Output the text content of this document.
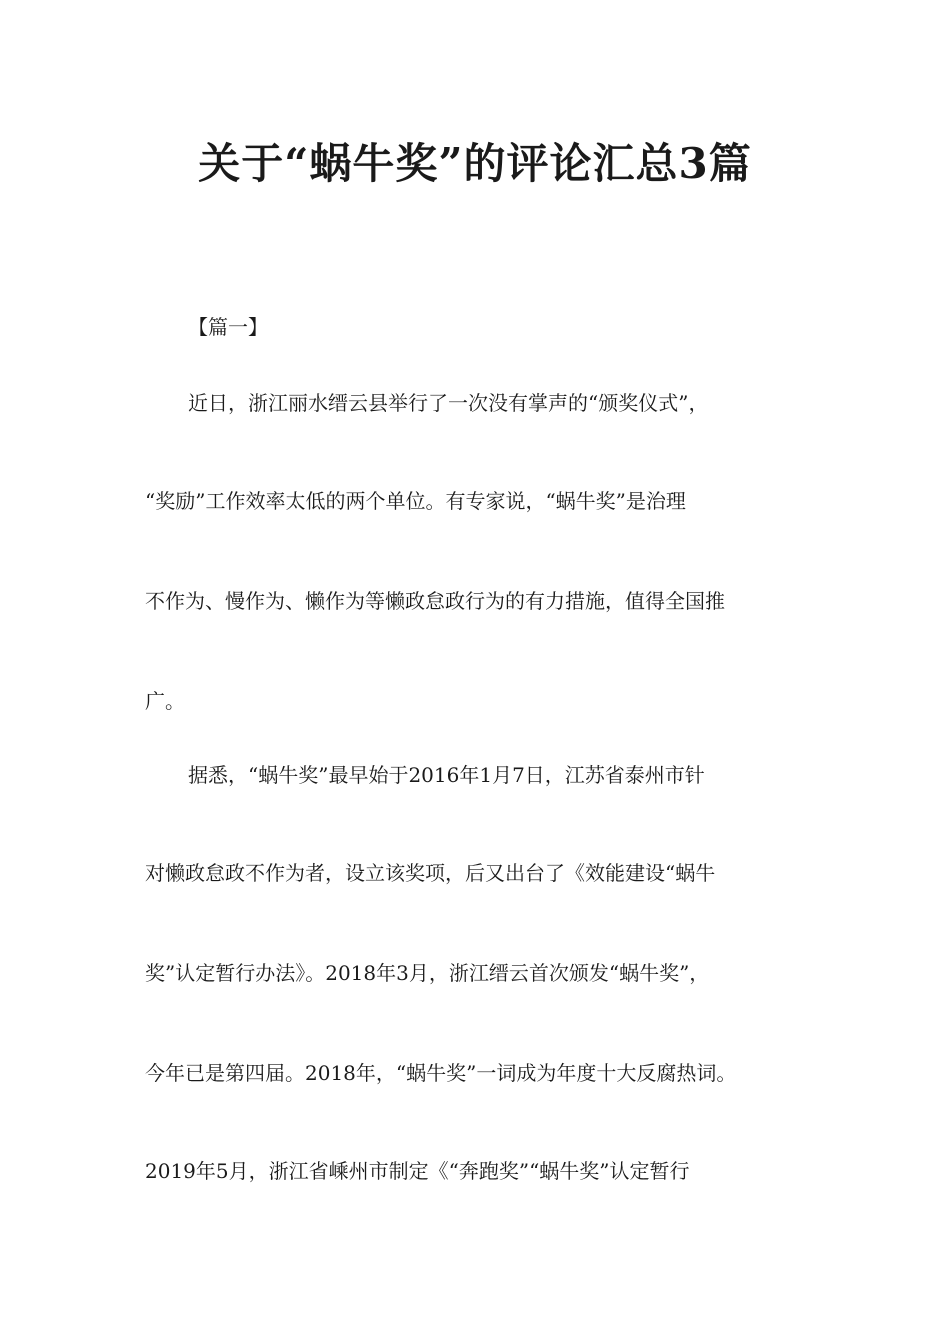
关于“蜗牛奖”的评论汇总3篇
【篇一】
近日，浙江丽水缙云县举行了一次没有掌声的“颁奖仪式”，
“奖励”工作效率太低的两个单位。有专家说，“蜗牛奖”是治理
不作为、慢作为、懒作为等懒政怠政行为的有力措施，值得全国推
广。
据悉，“蜗牛奖”最早始于2016年1月7日，江苏省泰州市针
对懒政怠政不作为者，设立该奖项，后又出台了《效能建设“蜗牛
奖”认定暂行办法》。2018年3月，浙江缙云首次颁发“蜗牛奖”，
今年已是第四届。2018年，“蜗牛奖”一词成为年度十大反腐热词。
2019年5月，浙江省嵊州市制定《“奔跑奖”“蜗牛奖”认定暂行
